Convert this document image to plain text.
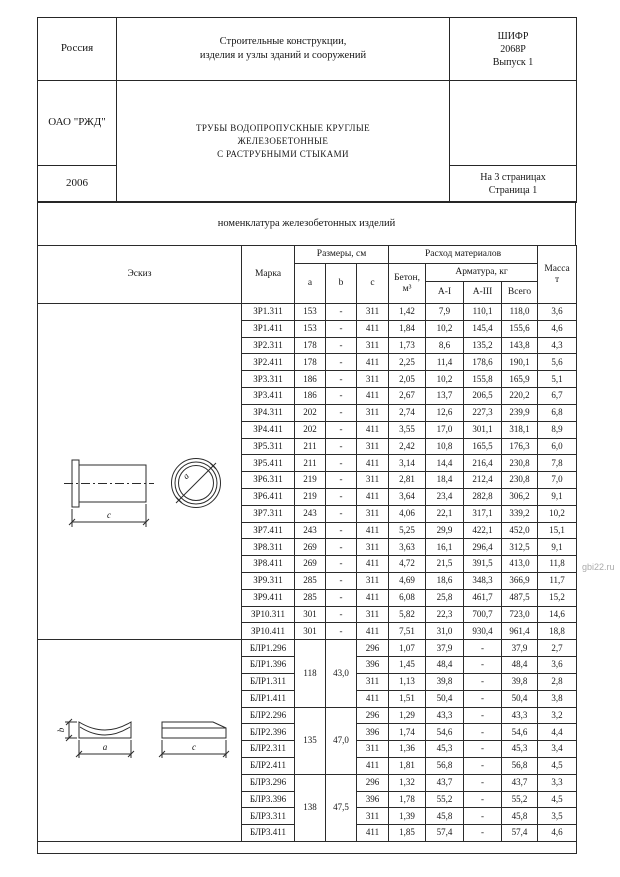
Россия	
Строительные конструкции,
изделия и узлы зданий и сооружений

ШИФР
2068Р
Выпуск 1

ОАО "РЖД"	ТРУБЫ ВОДОПРОПУСКНЫЕ КРУГЛЫЕ
ЖЕЛЕЗОБЕТОННЫЕ
С РАСТРУБНЫМИ СТЫКАМИ	

2006		На 3 страницах
Страница 1
номенклатура железобетонных изделий
Эскиз	Марка	Размеры, см			Расход материалов				Масса
т

		a	b	c	Бетон,
м³	Арматура, кг			
						А-I	А-III	Всего	

c
a	ЗР1.311	153	-	311	1,42	7,9	110,1	118,0	3,6
	ЗР1.411	153	-	411	1,84	10,2	145,4	155,6	4,6
	ЗР2.311	178	-	311	1,73	8,6	135,2	143,8	4,3
	ЗР2.411	178	-	411	2,25	11,4	178,6	190,1	5,6
	ЗР3.311	186	-	311	2,05	10,2	155,8	165,9	5,1
	ЗР3.411	186	-	411	2,67	13,7	206,5	220,2	6,7
	ЗР4.311	202	-	311	2,74	12,6	227,3	239,9	6,8
	ЗР4.411	202	-	411	3,55	17,0	301,1	318,1	8,9
	ЗР5.311	211	-	311	2,42	10,8	165,5	176,3	6,0
	ЗР5.411	211	-	411	3,14	14,4	216,4	230,8	7,8
	ЗР6.311	219	-	311	2,81	18,4	212,4	230,8	7,0
	ЗР6.411	219	-	411	3,64	23,4	282,8	306,2	9,1
	ЗР7.311	243	-	311	4,06	22,1	317,1	339,2	10,2
	ЗР7.411	243	-	411	5,25	29,9	422,1	452,0	15,1
	ЗР8.311	269	-	311	3,63	16,1	296,4	312,5	9,1
	ЗР8.411	269	-	411	4,72	21,5	391,5	413,0	11,8
	ЗР9.311	285	-	311	4,69	18,6	348,3	366,9	11,7
	ЗР9.411	285	-	411	6,08	25,8	461,7	487,5	15,2
	ЗР10.311	301	-	311	5,82	22,3	700,7	723,0	14,6
	ЗР10.411	301	-	411	7,51	31,0	930,4	961,4	18,8

b
a c	БЛР1.296	118	43,0	296	1,07	37,9	-	37,9	2,7
	БЛР1.396			396	1,45	48,4	-	48,4	3,6
	БЛР1.311			311	1,13	39,8	-	39,8	2,8
	БЛР1.411			411	1,51	50,4	-	50,4	3,8
	БЛР2.296	135	47,0	296	1,29	43,3	-	43,3	3,2
	БЛР2.396			396	1,74	54,6	-	54,6	4,4
	БЛР2.311			311	1,36	45,3	-	45,3	3,4
	БЛР2.411			411	1,81	56,8	-	56,8	4,5
	БЛР3.296	138	47,5	296	1,32	43,7	-	43,7	3,3
	БЛР3.396			396	1,78	55,2	-	55,2	4,5
	БЛР3.311			311	1,39	45,8	-	45,8	3,5
	БЛР3.411			411	1,85	57,4	-	57,4	4,6

gbi22.ru
